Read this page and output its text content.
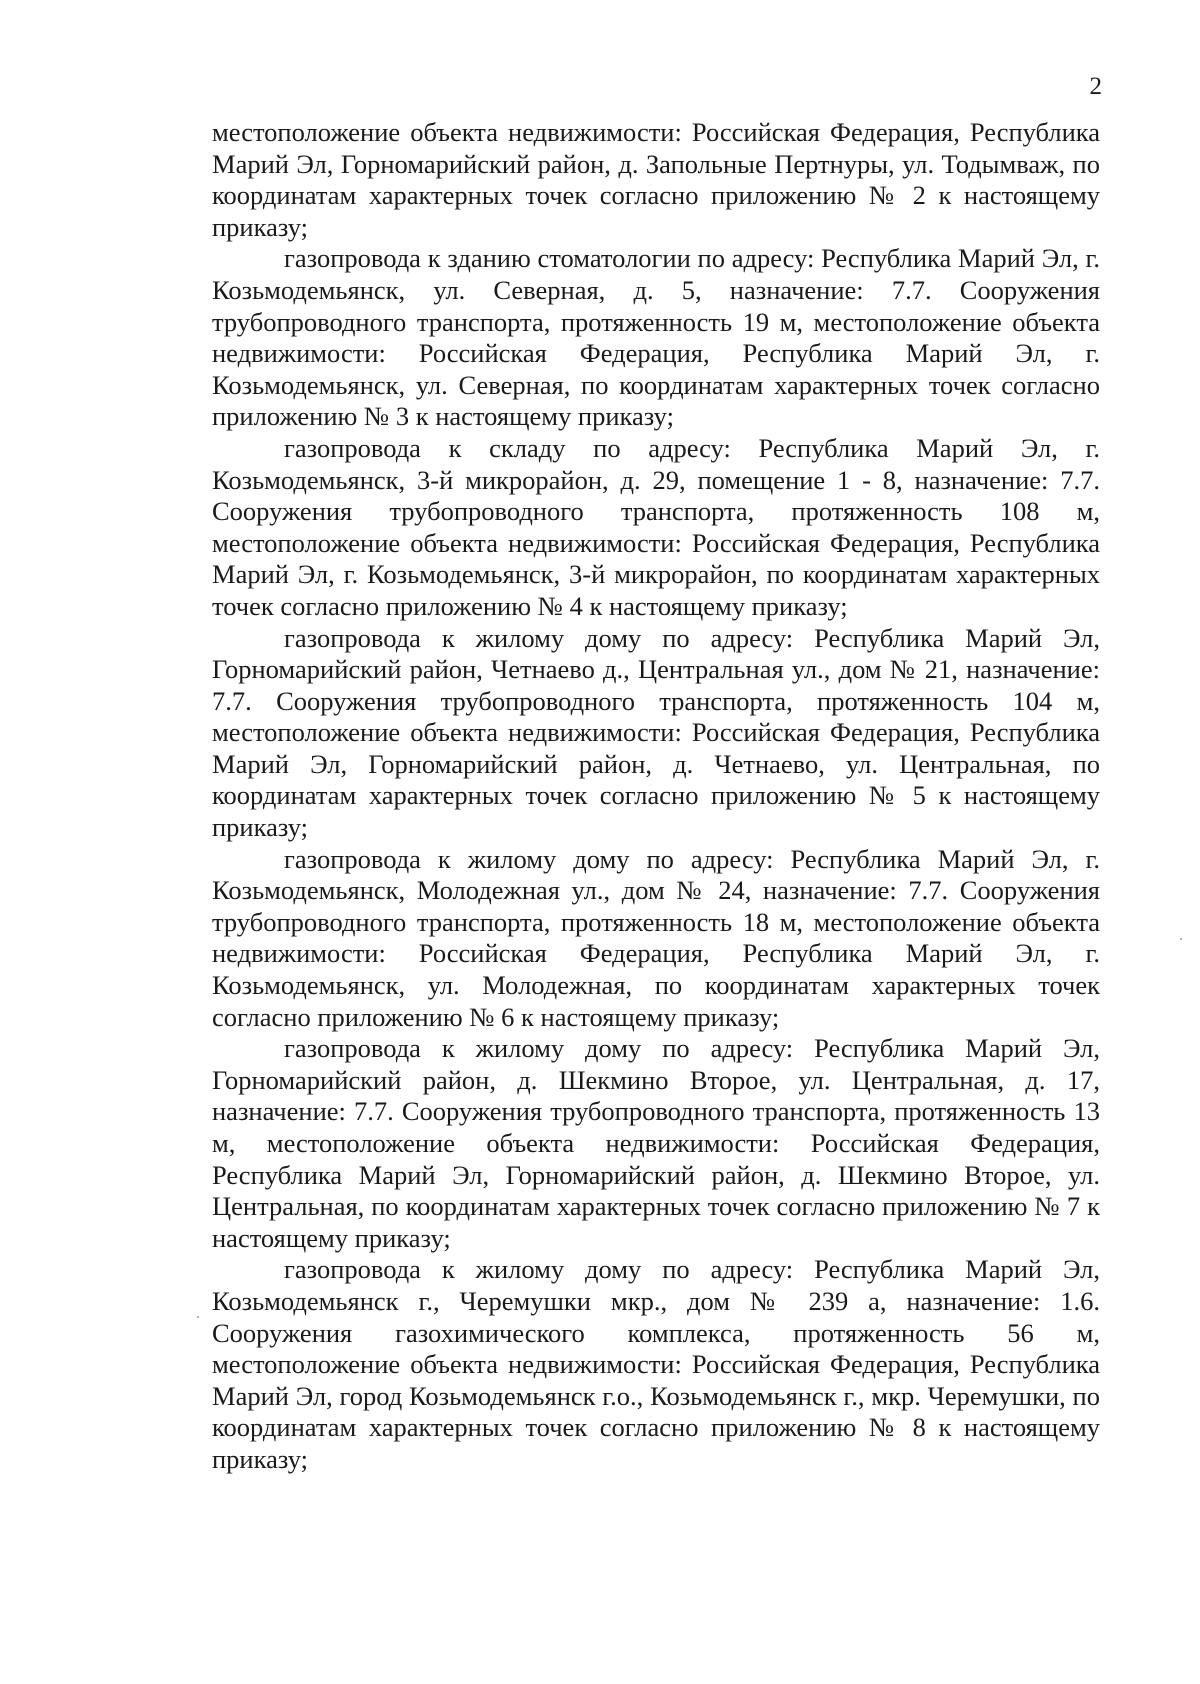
2

местоположение объекта недвижимости: Российская Федерация, Республика Марий Эл, Горномарийский район, д. Запольные Пертнуры, ул. Тодымваж, по координатам характерных точек согласно приложению № 2 к настоящему приказу;

газопровода к зданию стоматологии по адресу: Республика Марий Эл, г. Козьмодемьянск, ул. Северная, д. 5, назначение: 7.7. Сооружения трубопроводного транспорта, протяженность 19 м, местоположение объекта недвижимости: Российская Федерация, Республика Марий Эл, г. Козьмодемьянск, ул. Северная, по координатам характерных точек согласно приложению № 3 к настоящему приказу;

газопровода к складу по адресу: Республика Марий Эл, г. Козьмодемьянск, 3-й микрорайон, д. 29, помещение 1 - 8, назначение: 7.7. Сооружения трубопроводного транспорта, протяженность 108 м, местоположение объекта недвижимости: Российская Федерация, Республика Марий Эл, г. Козьмодемьянск, 3-й микрорайон, по координатам характерных точек согласно приложению № 4 к настоящему приказу;

газопровода к жилому дому по адресу: Республика Марий Эл, Горномарийский район, Четнаево д., Центральная ул., дом № 21, назначение: 7.7. Сооружения трубопроводного транспорта, протяженность 104 м, местоположение объекта недвижимости: Российская Федерация, Республика Марий Эл, Горномарийский район, д. Четнаево, ул. Центральная, по координатам характерных точек согласно приложению № 5 к настоящему приказу;

газопровода к жилому дому по адресу: Республика Марий Эл, г. Козьмодемьянск, Молодежная ул., дом № 24, назначение: 7.7. Сооружения трубопроводного транспорта, протяженность 18 м, местоположение объекта недвижимости: Российская Федерация, Республика Марий Эл, г. Козьмодемьянск, ул. Молодежная, по координатам характерных точек согласно приложению № 6 к настоящему приказу;

газопровода к жилому дому по адресу: Республика Марий Эл, Горномарийский район, д. Шекмино Второе, ул. Центральная, д. 17, назначение: 7.7. Сооружения трубопроводного транспорта, протяженность 13 м, местоположение объекта недвижимости: Российская Федерация, Республика Марий Эл, Горномарийский район, д. Шекмино Второе, ул. Центральная, по координатам характерных точек согласно приложению № 7 к настоящему приказу;

газопровода к жилому дому по адресу: Республика Марий Эл, Козьмодемьянск г., Черемушки мкр., дом № 239 а, назначение: 1.6. Сооружения газохимического комплекса, протяженность 56 м, местоположение объекта недвижимости: Российская Федерация, Республика Марий Эл, город Козьмодемьянск г.о., Козьмодемьянск г., мкр. Черемушки, по координатам характерных точек согласно приложению № 8 к настоящему приказу;
